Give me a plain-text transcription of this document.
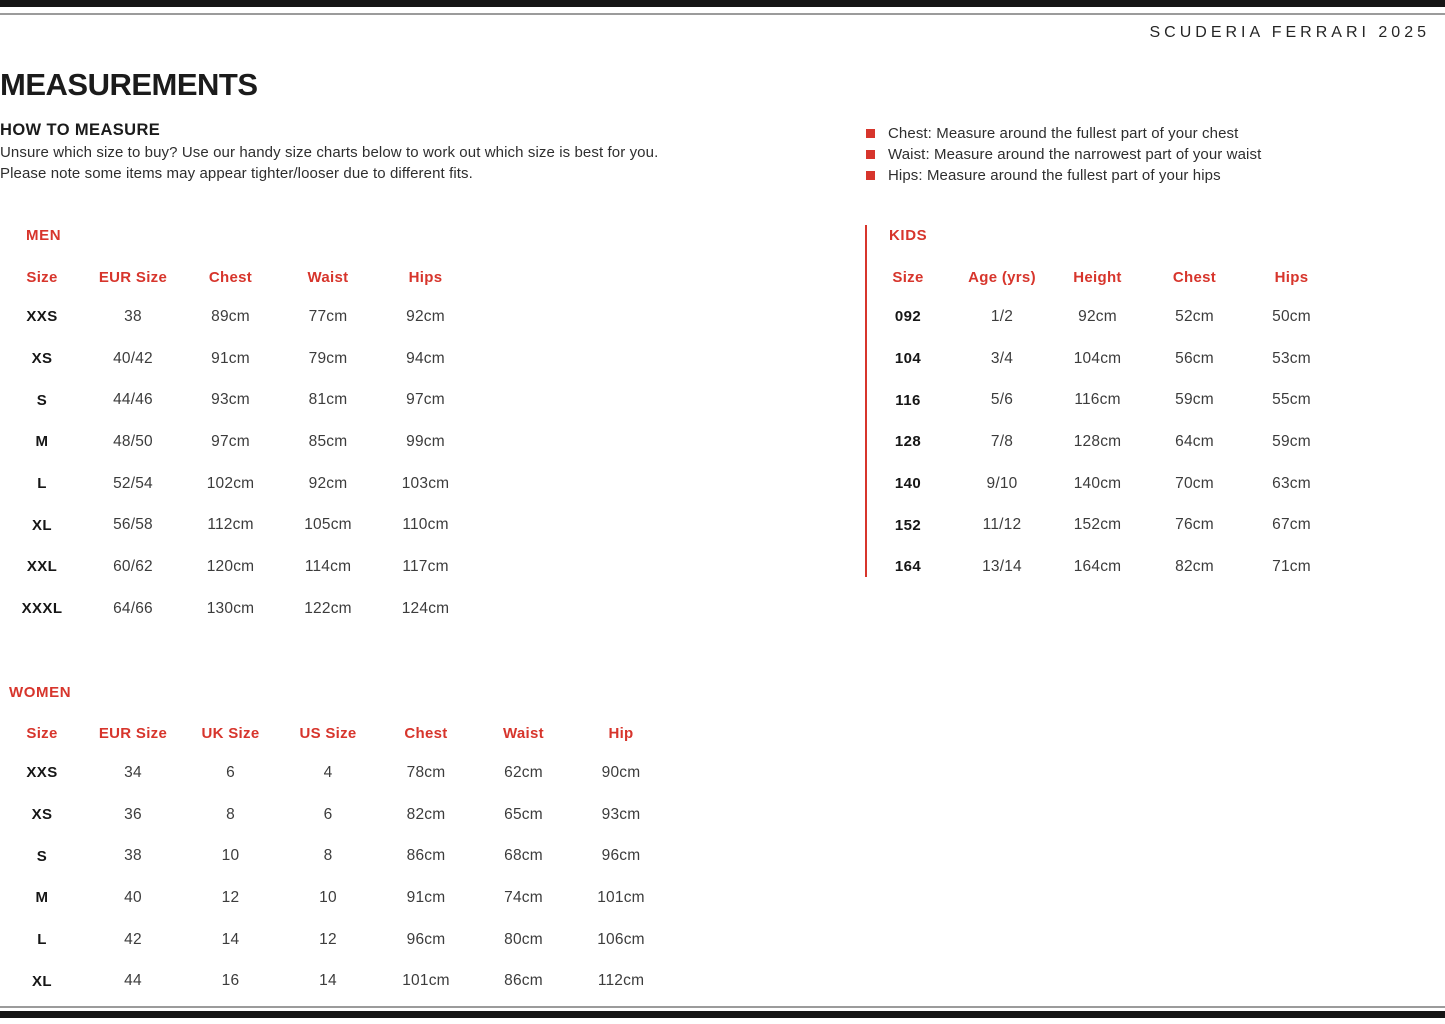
SCUDERIA FERRARI 2025
MEASUREMENTS
HOW TO MEASURE
Unsure which size to buy? Use our handy size charts below to work out which size is best for you.
Please note some items may appear tighter/looser due to different fits.
Chest: Measure around the fullest part of your chest
Waist: Measure around the narrowest part of your waist
Hips: Measure around the fullest part of your hips
MEN
Size	EUR Size	Chest	Waist	Hips
XXS	38	89cm	77cm	92cm
XS	40/42	91cm	79cm	94cm
S	44/46	93cm	81cm	97cm
M	48/50	97cm	85cm	99cm
L	52/54	102cm	92cm	103cm
XL	56/58	112cm	105cm	110cm
XXL	60/62	120cm	114cm	117cm
XXXL	64/66	130cm	122cm	124cm
KIDS
Size	Age (yrs)	Height	Chest	Hips
092	1/2	92cm	52cm	50cm
104	3/4	104cm	56cm	53cm
116	5/6	116cm	59cm	55cm
128	7/8	128cm	64cm	59cm
140	9/10	140cm	70cm	63cm
152	11/12	152cm	76cm	67cm
164	13/14	164cm	82cm	71cm
WOMEN
Size	EUR Size	UK Size	US Size	Chest	Waist	Hip
XXS	34	6	4	78cm	62cm	90cm
XS	36	8	6	82cm	65cm	93cm
S	38	10	8	86cm	68cm	96cm
M	40	12	10	91cm	74cm	101cm
L	42	14	12	96cm	80cm	106cm
XL	44	16	14	101cm	86cm	112cm
